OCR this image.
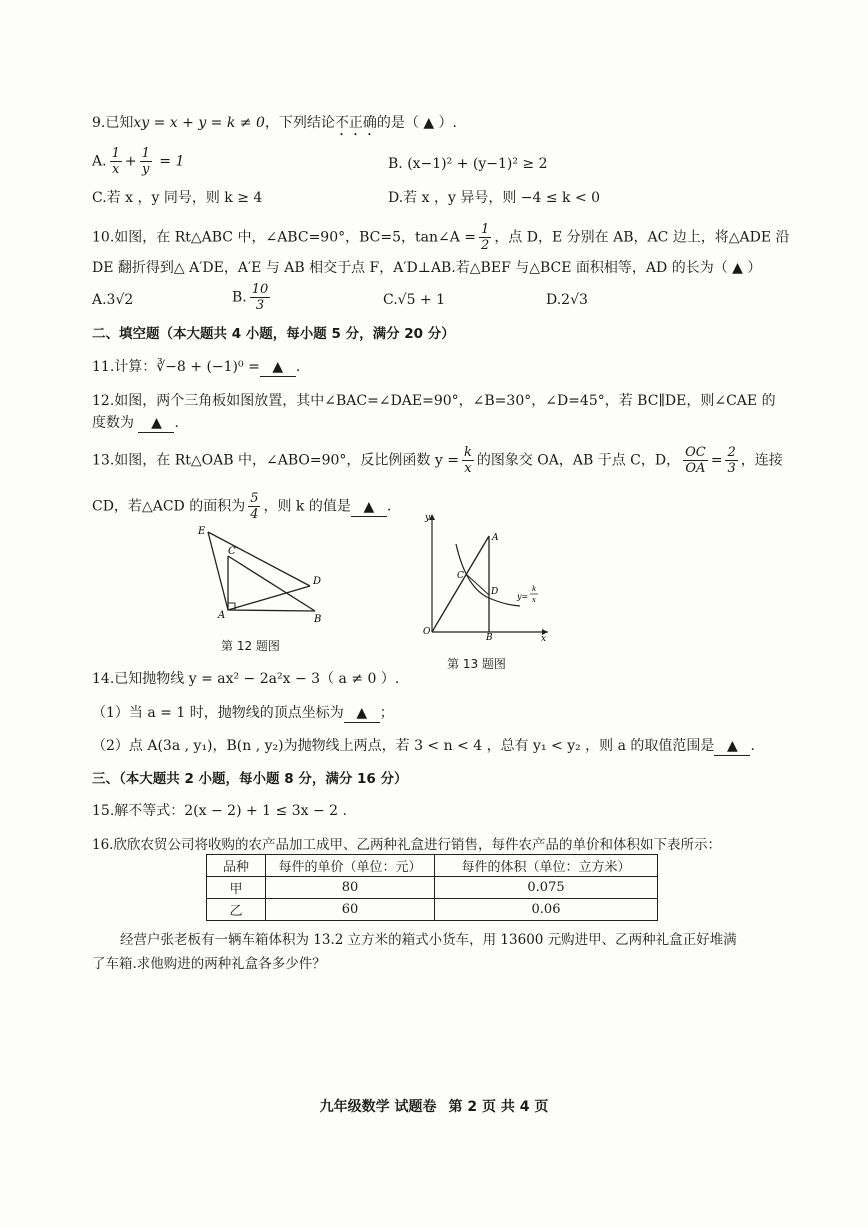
9.已知xy = x + y = k ≠ 0，下列结论不正确的是（ ▲ ）.
A. $\frac{1}{x} + \frac{1}{y} = 1$	B. (x−1)² + (y−1)² ≥ 2
C.若 x ，y 同号，则 k ≥ 4	D.若 x ，y 异号，则 −4 ≤ k < 0
10.如图，在 Rt△ABC 中，∠ABC=90°，BC=5，tan∠A = $\frac{1}{2}$ ，点 D，E 分别在 AB，AC 边上，将△ADE 沿
DE 翻折得到△ A′DE，A′E 与 AB 相交于点 F，A′D⊥AB.若△BEF 与△BCE 面积相等，AD 的长为（ ▲ ）
A.3√2	B. $\frac{10}{3}$	C.√5 + 1	D.2√3
二、填空题（本大题共 4 小题，每小题 5 分，满分 20 分）
11.计算：∛−8 + (−1)⁰ = ▲ .
12.如图，两个三角板如图放置，其中∠BAC=∠DAE=90°，∠B=30°，∠D=45°，若 BC∥DE，则∠CAE 的
度数为 ▲ .
13.如图，在 Rt△OAB 中，∠ABO=90°，反比例函数 $y = \frac{k}{x}$ 的图象交 OA，AB 于点 C，D， $\frac{OC}{OA} = \frac{2}{3}$ ，连接
CD，若△ACD 的面积为 $\frac{5}{4}$ ，则 k 的值是 ▲ .
E
C
D
A	B
第 12 题图
y
A
C
D
O
B	x
y=
k
x
第 13 题图
14.已知抛物线 y = ax² − 2a²x − 3（ a ≠ 0 ）.
（1）当 a = 1 时，抛物线的顶点坐标为 ▲ ；
（2）点 A(3a , y₁)，B(n , y₂)为抛物线上两点，若 3 < n < 4 ，总有 y₁ < y₂ ，则 a 的取值范围是 ▲ .
三、（本大题共 2 小题，每小题 8 分，满分 16 分）
15.解不等式：2(x − 2) + 1 ≤ 3x − 2 .
16.欣欣农贸公司将收购的农产品加工成甲、乙两种礼盒进行销售，每件农产品的单价和体积如下表所示：
品种	每件的单价（单位：元）	每件的体积（单位：立方米）
甲	80	0.075
乙	60	0.06
经营户张老板有一辆车箱体积为 13.2 立方米的箱式小货车，用 13600 元购进甲、乙两种礼盒正好堆满
了车箱.求他购进的两种礼盒各多少件？
九年级数学 试题卷 第 2 页 共 4 页
